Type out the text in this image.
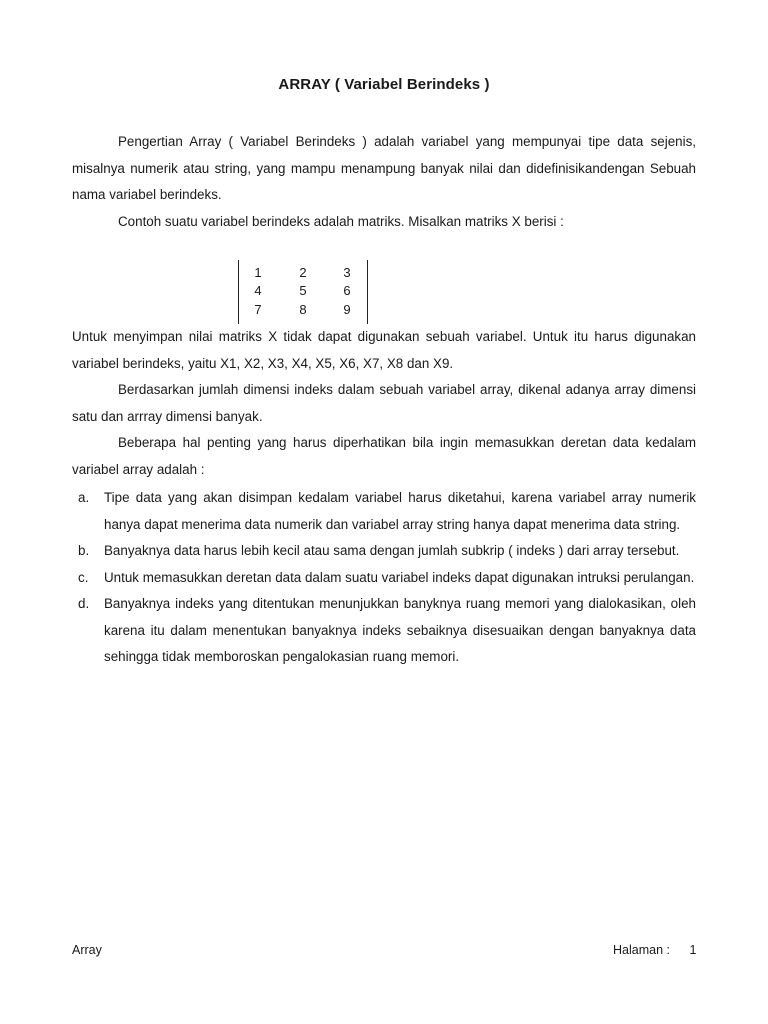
ARRAY ( Variabel Berindeks )

Pengertian Array ( Variabel Berindeks ) adalah variabel yang mempunyai tipe data sejenis, misalnya numerik atau string, yang mampu menampung banyak nilai dan didefinisikandengan Sebuah nama variabel berindeks.

Contoh suatu variabel berindeks adalah matriks. Misalkan matriks X berisi :

1	2	3
4	5	6
7	8	9

Untuk menyimpan nilai matriks X tidak dapat digunakan sebuah variabel. Untuk itu harus digunakan variabel berindeks, yaitu X1, X2, X3, X4, X5, X6, X7, X8 dan X9.

Berdasarkan jumlah dimensi indeks dalam sebuah variabel array, dikenal adanya array dimensi satu dan arrray dimensi banyak.

Beberapa hal penting yang harus diperhatikan bila ingin memasukkan deretan data kedalam variabel array adalah :

a. Tipe data yang akan disimpan kedalam variabel harus diketahui, karena variabel array numerik hanya dapat menerima data numerik dan variabel array string hanya dapat menerima data string.

b. Banyaknya data harus lebih kecil atau sama dengan jumlah subkrip ( indeks ) dari array tersebut.

c. Untuk memasukkan deretan data dalam suatu variabel indeks dapat digunakan intruksi perulangan.

d. Banyaknya indeks yang ditentukan menunjukkan banyknya ruang memori yang dialokasikan, oleh karena itu dalam menentukan banyaknya indeks sebaiknya disesuaikan dengan banyaknya data sehingga tidak memboroskan pengalokasian ruang memori.

Array	Halaman : 1
